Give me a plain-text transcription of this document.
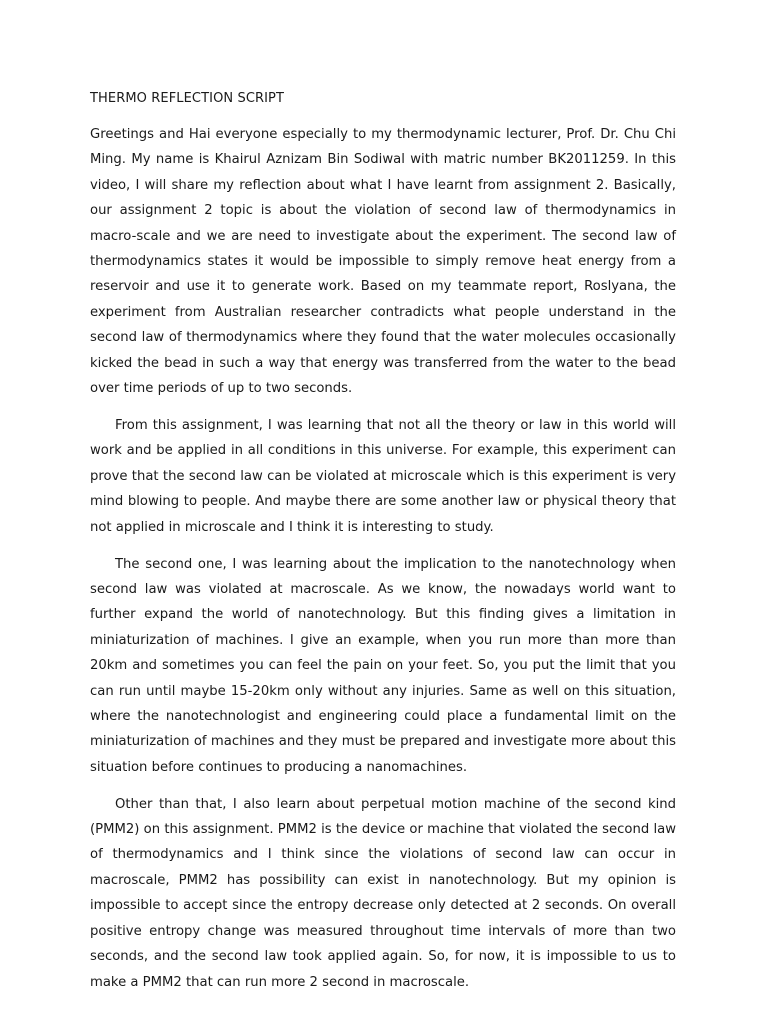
THERMO REFLECTION SCRIPT

Greetings and Hai everyone especially to my thermodynamic lecturer, Prof. Dr. Chu Chi Ming. My name is Khairul Aznizam Bin Sodiwal with matric number BK2011259. In this video, I will share my reflection about what I have learnt from assignment 2. Basically, our assignment 2 topic is about the violation of second law of thermodynamics in macro-scale and we are need to investigate about the experiment. The second law of thermodynamics states it would be impossible to simply remove heat energy from a reservoir and use it to generate work. Based on my teammate report, Roslyana, the experiment from Australian researcher contradicts what people understand in the second law of thermodynamics where they found that the water molecules occasionally kicked the bead in such a way that energy was transferred from the water to the bead over time periods of up to two seconds.

From this assignment, I was learning that not all the theory or law in this world will work and be applied in all conditions in this universe. For example, this experiment can prove that the second law can be violated at microscale which is this experiment is very mind blowing to people. And maybe there are some another law or physical theory that not applied in microscale and I think it is interesting to study.

The second one, I was learning about the implication to the nanotechnology when second law was violated at macroscale. As we know, the nowadays world want to further expand the world of nanotechnology. But this finding gives a limitation in miniaturization of machines. I give an example, when you run more than more than 20km and sometimes you can feel the pain on your feet. So, you put the limit that you can run until maybe 15-20km only without any injuries. Same as well on this situation, where the nanotechnologist and engineering could place a fundamental limit on the miniaturization of machines and they must be prepared and investigate more about this situation before continues to producing a nanomachines.

Other than that, I also learn about perpetual motion machine of the second kind (PMM2) on this assignment. PMM2 is the device or machine that violated the second law of thermodynamics and I think since the violations of second law can occur in macroscale, PMM2 has possibility can exist in nanotechnology. But my opinion is impossible to accept since the entropy decrease only detected at 2 seconds. On overall positive entropy change was measured throughout time intervals of more than two seconds, and the second law took applied again. So, for now, it is impossible to us to make a PMM2 that can run more 2 second in macroscale.
